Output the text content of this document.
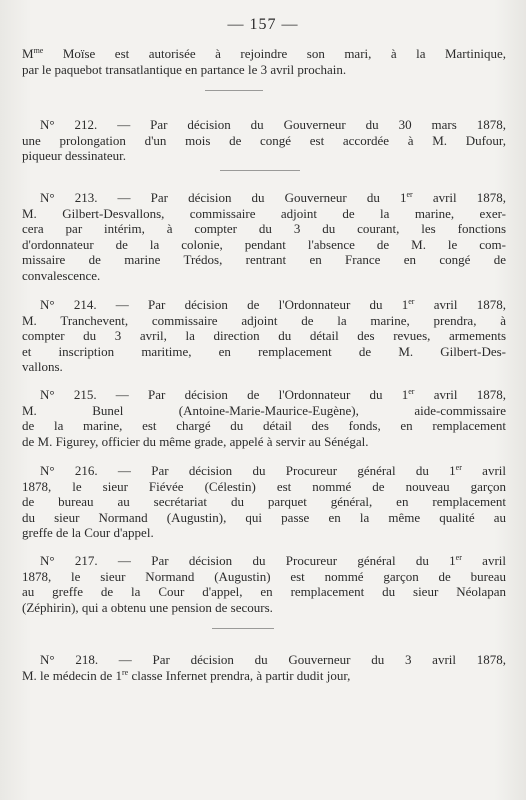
— 157 —
$M^{me}$ Moïse est autorisée à rejoindre son mari, à la Martinique,
par le paquebot transatlantique en partance le 3 avril prochain.
N° 212. — Par décision du Gouverneur du 30 mars 1878,
une prolongation d'un mois de congé est accordée à M. Dufour,
piqueur dessinateur.
N° 213. — Par décision du Gouverneur du 1er avril 1878,
M. Gilbert-Desvallons, commissaire adjoint de la marine, exer-
cera par intérim, à compter du 3 du courant, les fonctions
d'ordonnateur de la colonie, pendant l'absence de M. le com-
missaire de marine Trédos, rentrant en France en congé de
convalescence.
N° 214. — Par décision de l'Ordonnateur du 1er avril 1878,
M. Tranchevent, commissaire adjoint de la marine, prendra, à
compter du 3 avril, la direction du détail des revues, armements
et inscription maritime, en remplacement de M. Gilbert-Des-
vallons.
N° 215. — Par décision de l'Ordonnateur du 1er avril 1878,
M. Bunel (Antoine-Marie-Maurice-Eugène), aide-commissaire
de la marine, est chargé du détail des fonds, en remplacement
de M. Figurey, officier du même grade, appelé à servir au Sénégal.
N° 216. — Par décision du Procureur général du 1er avril
1878, le sieur Fiévée (Célestin) est nommé de nouveau garçon
de bureau au secrétariat du parquet général, en remplacement
du sieur Normand (Augustin), qui passe en la même qualité au
greffe de la Cour d'appel.
N° 217. — Par décision du Procureur général du 1er avril
1878, le sieur Normand (Augustin) est nommé garçon de bureau
au greffe de la Cour d'appel, en remplacement du sieur Néolapan
(Zéphirin), qui a obtenu une pension de secours.
N° 218. — Par décision du Gouverneur du 3 avril 1878,
M. le médecin de 1re classe Infernet prendra, à partir dudit jour,
